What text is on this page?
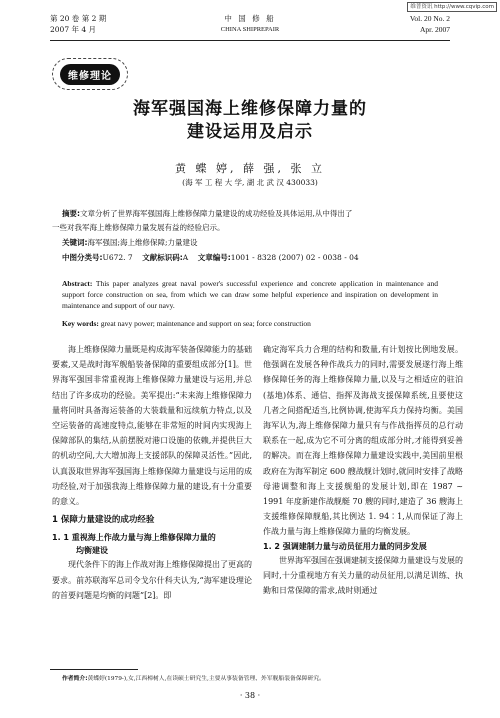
维普资讯 http://www.cqvip.com
第 20 卷 第 2 期
2007 年 4 月
中 国 修 船
CHINA SHIPREPAIR
Vol. 20 No. 2
Apr. 2007
维修理论
海军强国海上维修保障力量的
建设运用及启示
黄 蝶 婷, 薛 强, 张 立
(海 军 工 程 大 学, 湖 北 武 汉 430033)
摘要:文章分析了世界海军强国海上维修保障力量建设的成功经验及具体运用,从中得出了
一些对我军海上维修保障力量发展有益的经验启示。
关键词:海军强国;海上维修保障;力量建设
中图分类号:U672. 7 文献标识码:A 文章编号:1001 - 8328 (2007) 02 - 0038 - 04
Abstract: This paper analyzes great naval power's successful experience and concrete application in maintenance and support force construction on sea, from which we can draw some helpful experience and inspiration on development in maintenance and support of our navy.
Key words: great navy power; maintenance and support on sea; force construction

海上维修保障力量既是构成海军装备保障能力的基础要素,又是战时海军舰船装备保障的重要组成部分[1]。世界海军强国非常重视海上维修保障力量建设与运用,并总结出了许多成功的经验。美军提出:“未来海上维修保障力量将同时具备海运装备的大装载量和远续航力特点,以及空运装备的高速度特点,能够在非常短的时间内实现海上保障部队的集结,从前摆脱对港口设施的依赖,并提供巨大的机动空间,大大增加海上支援部队的保障灵活性。”因此,认真汲取世界海军强国海上维修保障力量建设与运用的成功经验,对于加强我海上维修保障力量的建设,有十分重要的意义。

1 保障力量建设的成功经验
1. 1 重视海上作战力量与海上维修保障力量的
均衡建设

现代条件下的海上作战对海上维修保障提出了更高的要求。前苏联海军总司令戈尔什科夫认为,“海军建设理论的首要问题是均衡的问题”[2]。即

确定海军兵力合理的结构和数量,有计划按比例地发展。他强调在发展各种作战兵力的同时,需要发展遂行海上维修保障任务的海上维修保障力量,以及与之相适应的驻泊(基地)体系、通信、指挥及海战支援保障系统,且要使这几者之间搭配适当,比例协调,使海军兵力保持均衡。美国海军认为,海上维修保障力量只有与作战指挥员的总行动联系在一起,成为它不可分离的组成部分时,才能得到妥善的解决。而在海上维修保障力量建设实践中,美国前里根政府在为海军制定 600 艘战舰计划时,就同时安排了战略母港调整和海上支援舰船的发展计划,即在 1987 ~ 1991 年度新建作战舰艇 70 艘的同时,建造了 36 艘海上支援维修保障舰船,其比例达 1. 94∶1,从而保证了海上作战力量与海上维修保障力量的均衡发展。

1. 2 强调建制力量与动员征用力量的同步发展

世界海军强国在强调建制支援保障力量建设与发展的同时,十分重视地方有关力量的动员征用,以满足训练、执勤和日常保障的需求,战时则通过

作者简介:黄蝶婷(1979-),女,江西樟树人,在读硕士研究生,主要从事装备管理、外军舰船装备保障研究。
· 38 ·
